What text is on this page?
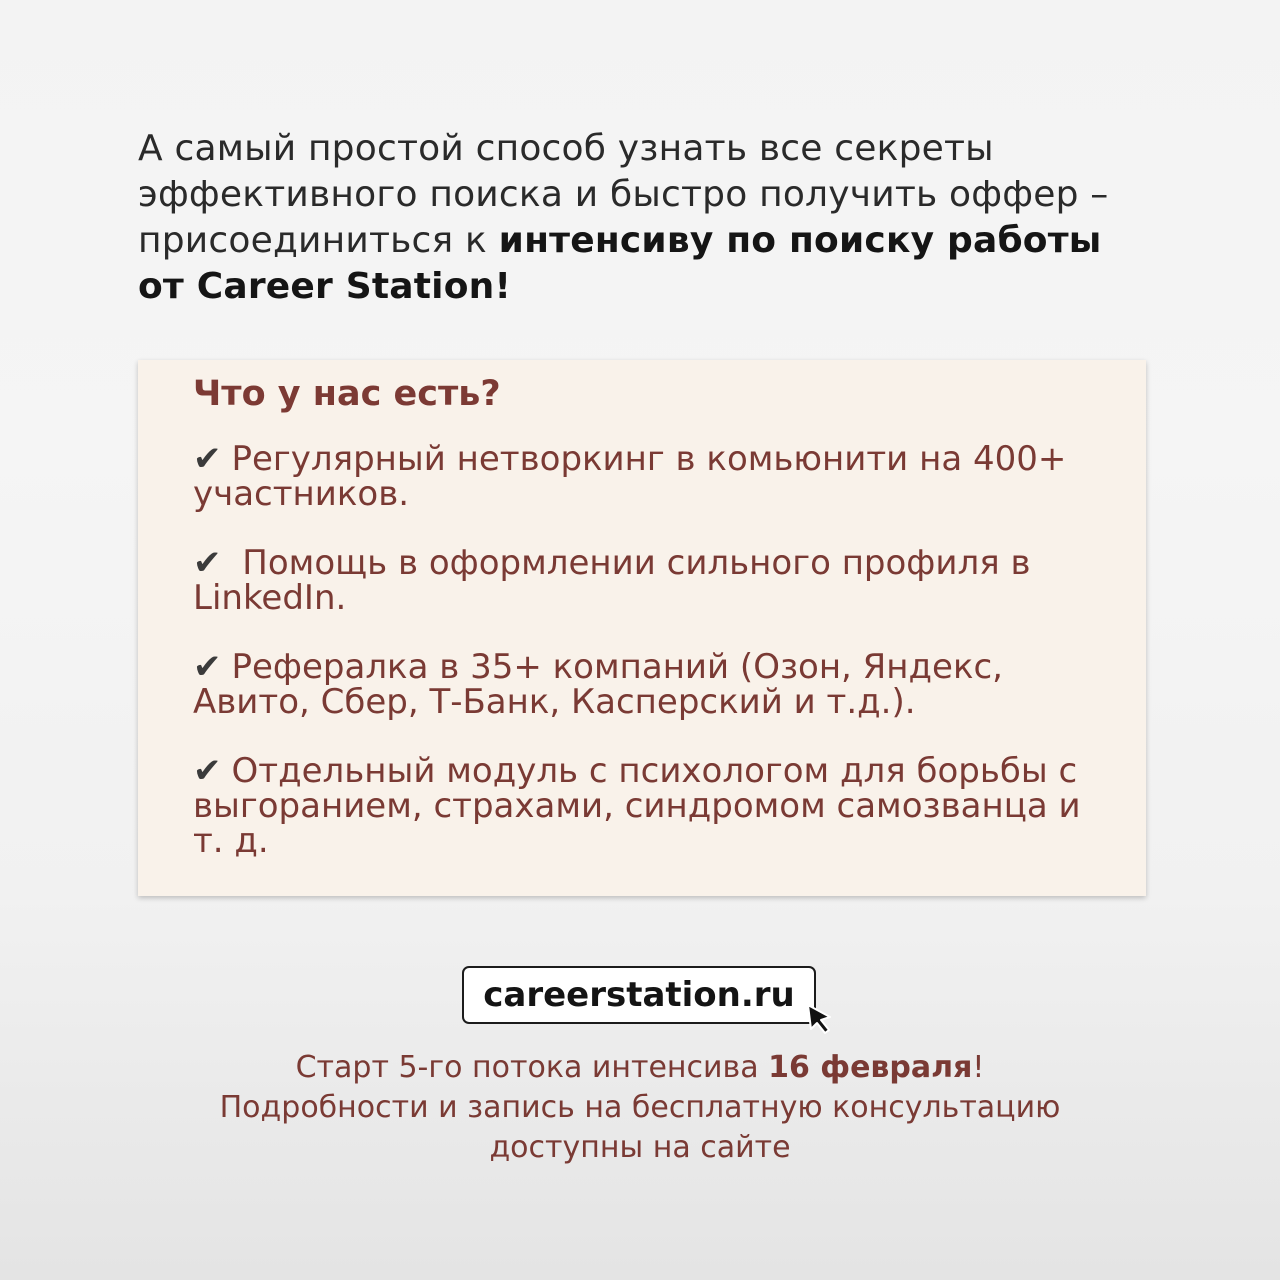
А самый простой способ узнать все секреты эффективного поиска и быстро получить оффер – присоединиться к интенсиву по поиску работы от Career Station!

Что у нас есть?
✔ Регулярный нетворкинг в комьюнити на 400+ участников.
✔ Помощь в оформлении сильного профиля в LinkedIn.
✔ Рефералка в 35+ компаний (Озон, Яндекс, Авито, Сбер, Т-Банк, Касперский и т.д.).
✔ Отдельный модуль с психологом для борьбы с выгоранием, страхами, синдромом самозванца и т. д.
careerstation.ru

Старт 5-го потока интенсива 16 февраля!
Подробности и запись на бесплатную консультацию
доступны на сайте
